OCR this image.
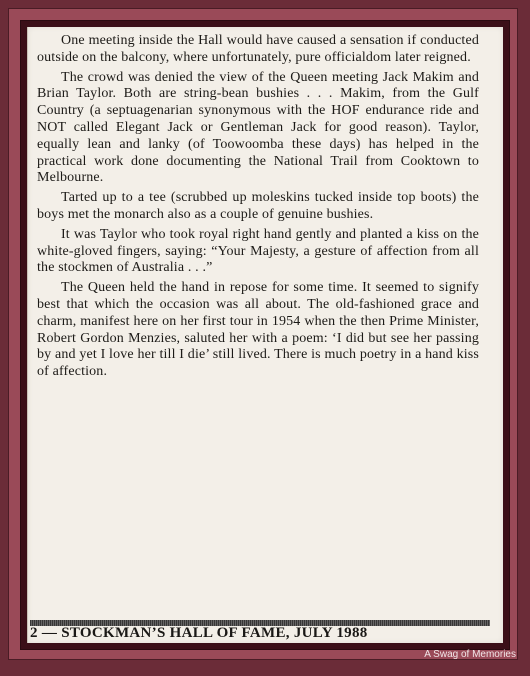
One meeting inside the Hall would have caused a sensation if conducted outside on the balcony, where unfortunately, pure officialdom later reigned.

The crowd was denied the view of the Queen meeting Jack Makim and Brian Taylor. Both are string-bean bushies . . . Makim, from the Gulf Country (a septuagenarian synonymous with the HOF endurance ride and NOT called Elegant Jack or Gentleman Jack for good reason). Taylor, equally lean and lanky (of Toowoomba these days) has helped in the practical work done documenting the National Trail from Cooktown to Melbourne.

Tarted up to a tee (scrubbed up moleskins tucked inside top boots) the boys met the monarch also as a couple of genuine bushies.

It was Taylor who took royal right hand gently and planted a kiss on the white-gloved fingers, saying: “Your Majesty, a gesture of affection from all the stockmen of Australia . . .”

The Queen held the hand in repose for some time. It seemed to signify best that which the occasion was all about. The old-fashioned grace and charm, manifest here on her first tour in 1954 when the then Prime Minister, Robert Gordon Menzies, saluted her with a poem: ‘I did but see her passing by and yet I love her till I die’ still lived. There is much poetry in a hand kiss of affection.

2 — STOCKMAN’S HALL OF FAME, JULY 1988
A Swag of Memories
